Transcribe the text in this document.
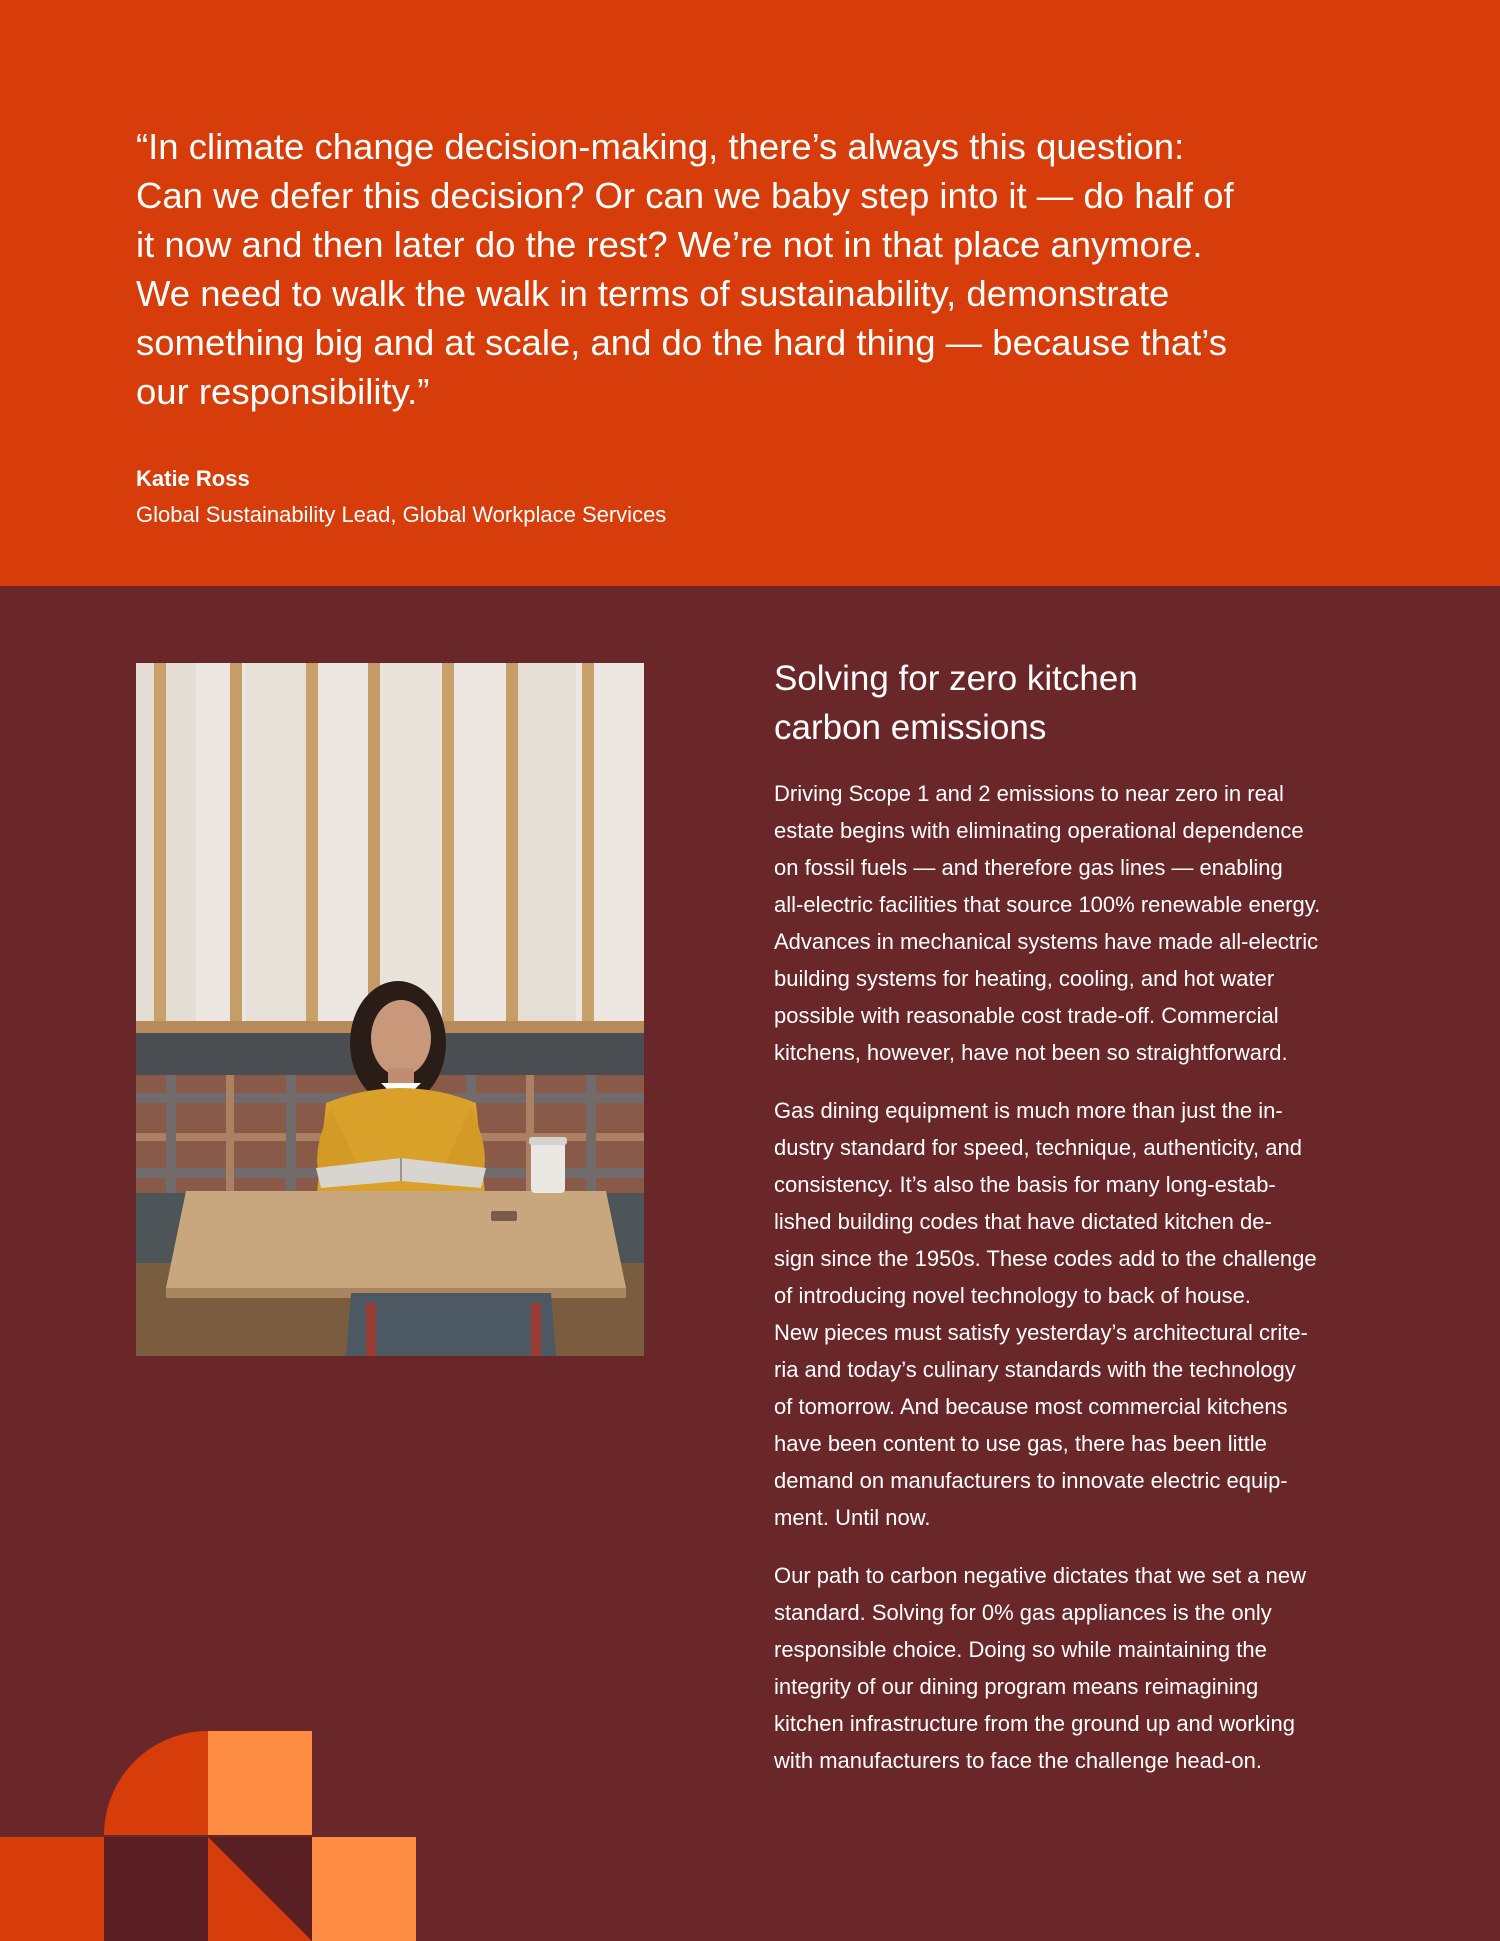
“In climate change decision-making, there’s always this question:
Can we defer this decision? Or can we baby step into it — do half of
it now and then later do the rest? We’re not in that place anymore.
We need to walk the walk in terms of sustainability, demonstrate
something big and at scale, and do the hard thing — because that’s
our responsibility.”

Katie Ross

Global Sustainability Lead, Global Workplace Services

Solving for zero kitchen
carbon emissions

Driving Scope 1 and 2 emissions to near zero in real
estate begins with eliminating operational dependence
on fossil fuels — and therefore gas lines — enabling
all-electric facilities that source 100% renewable energy.
Advances in mechanical systems have made all-electric
building systems for heating, cooling, and hot water
possible with reasonable cost trade-off. Commercial
kitchens, however, have not been so straightforward.

Gas dining equipment is much more than just the in-
dustry standard for speed, technique, authenticity, and
consistency. It’s also the basis for many long-estab-
lished building codes that have dictated kitchen de-
sign since the 1950s. These codes add to the challenge
of introducing novel technology to back of house.
New pieces must satisfy yesterday’s architectural crite-
ria and today’s culinary standards with the technology
of tomorrow. And because most commercial kitchens
have been content to use gas, there has been little
demand on manufacturers to innovate electric equip-
ment. Until now.

Our path to carbon negative dictates that we set a new
standard. Solving for 0% gas appliances is the only
responsible choice. Doing so while maintaining the
integrity of our dining program means reimagining
kitchen infrastructure from the ground up and working
with manufacturers to face the challenge head-on.
